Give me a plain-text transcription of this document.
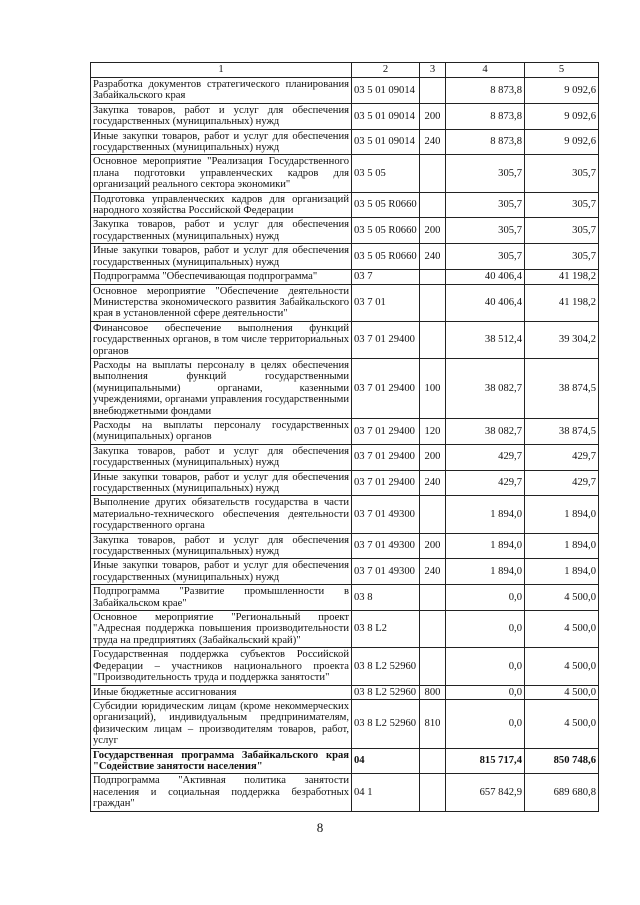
1	2	3	4	5
Разработка документов стратегического планирования Забайкальского края	03 5 01 09014		8 873,8	9 092,6
Закупка товаров, работ и услуг для обеспечения государственных (муниципальных) нужд	03 5 01 09014	200	8 873,8	9 092,6
Иные закупки товаров, работ и услуг для обеспечения государственных (муниципальных) нужд	03 5 01 09014	240	8 873,8	9 092,6
Основное мероприятие "Реализация Государственного плана подготовки управленческих кадров для организаций реального сектора экономики"	03 5 05		305,7	305,7
Подготовка управленческих кадров для организаций народного хозяйства Российской Федерации	03 5 05 R0660		305,7	305,7
Закупка товаров, работ и услуг для обеспечения государственных (муниципальных) нужд	03 5 05 R0660	200	305,7	305,7
Иные закупки товаров, работ и услуг для обеспечения государственных (муниципальных) нужд	03 5 05 R0660	240	305,7	305,7
Подпрограмма "Обеспечивающая подпрограмма"	03 7		40 406,4	41 198,2
Основное мероприятие "Обеспечение деятельности Министерства экономического развития Забайкальского края в установленной сфере деятельности"	03 7 01		40 406,4	41 198,2
Финансовое обеспечение выполнения функций государственных органов, в том числе территориальных органов	03 7 01 29400		38 512,4	39 304,2
Расходы на выплаты персоналу в целях обеспечения выполнения функций государственными (муниципальными) органами, казенными учреждениями, органами управления государственными внебюджетными фондами	03 7 01 29400	100	38 082,7	38 874,5
Расходы на выплаты персоналу государственных (муниципальных) органов	03 7 01 29400	120	38 082,7	38 874,5
Закупка товаров, работ и услуг для обеспечения государственных (муниципальных) нужд	03 7 01 29400	200	429,7	429,7
Иные закупки товаров, работ и услуг для обеспечения государственных (муниципальных) нужд	03 7 01 29400	240	429,7	429,7
Выполнение других обязательств государства в части материально-технического обеспечения деятельности государственного органа	03 7 01 49300		1 894,0	1 894,0
Закупка товаров, работ и услуг для обеспечения государственных (муниципальных) нужд	03 7 01 49300	200	1 894,0	1 894,0
Иные закупки товаров, работ и услуг для обеспечения государственных (муниципальных) нужд	03 7 01 49300	240	1 894,0	1 894,0
Подпрограмма "Развитие промышленности в Забайкальском крае"	03 8		0,0	4 500,0
Основное мероприятие "Региональный проект "Адресная поддержка повышения производительности труда на предприятиях (Забайкальский край)"	03 8 L2		0,0	4 500,0
Государственная поддержка субъектов Российской Федерации – участников национального проекта "Производительность труда и поддержка занятости"	03 8 L2 52960		0,0	4 500,0
Иные бюджетные ассигнования	03 8 L2 52960	800	0,0	4 500,0
Субсидии юридическим лицам (кроме некоммерческих организаций), индивидуальным предпринимателям, физическим лицам – производителям товаров, работ, услуг	03 8 L2 52960	810	0,0	4 500,0
Государственная программа Забайкальского края "Содействие занятости населения"	04		815 717,4	850 748,6
Подпрограмма "Активная политика занятости населения и социальная поддержка безработных граждан"	04 1		657 842,9	689 680,8
8
